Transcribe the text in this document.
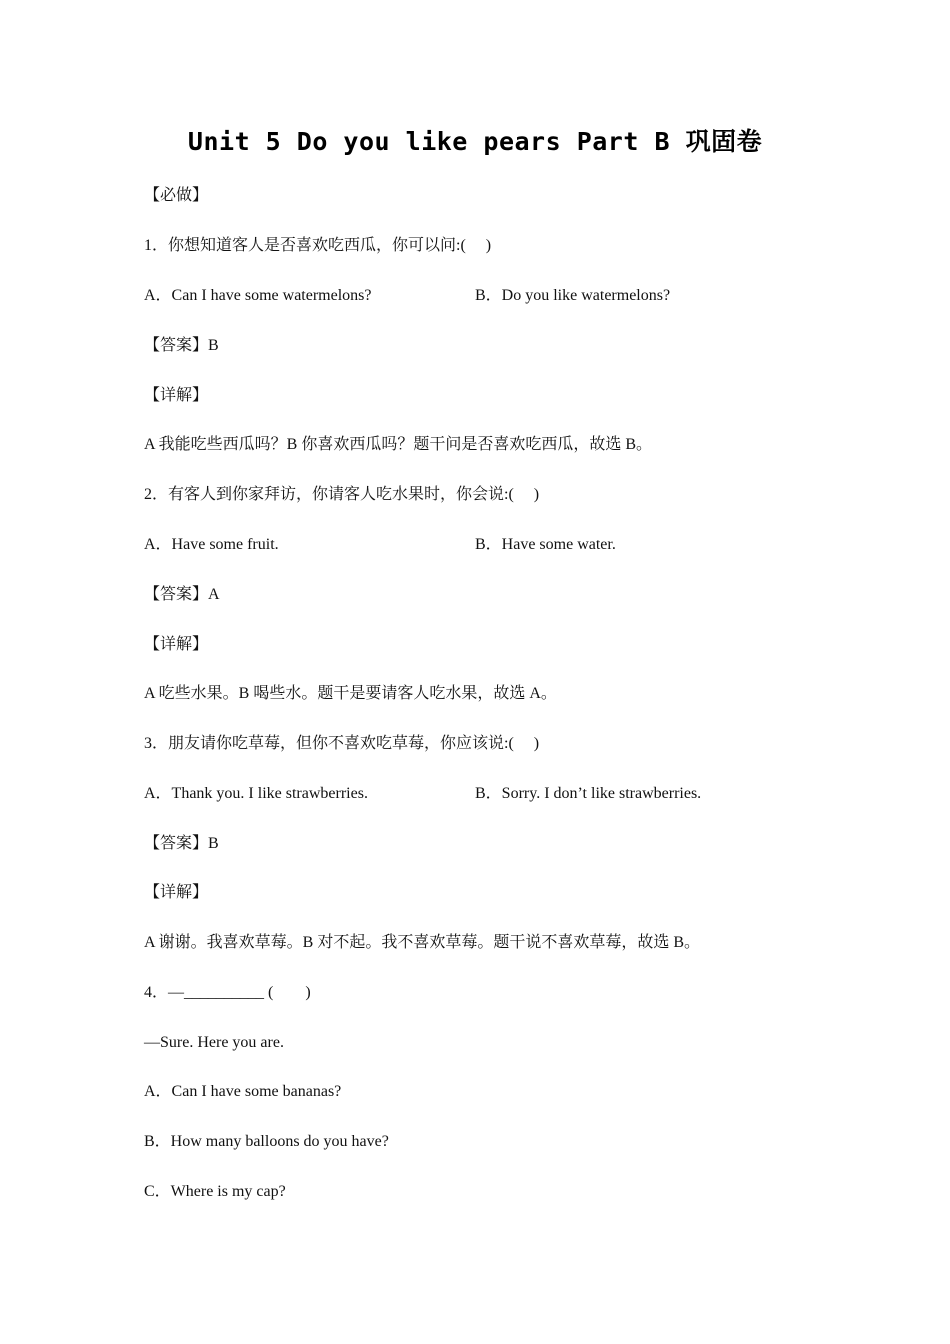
Unit 5 Do you like pears Part B 巩固卷
【必做】
1．你想知道客人是否喜欢吃西瓜，你可以问:(　 )
A．Can I have some watermelons?	B．Do you like watermelons?
【答案】B
【详解】
A 我能吃些西瓜吗？B 你喜欢西瓜吗？题干问是否喜欢吃西瓜，故选 B。
2．有客人到你家拜访，你请客人吃水果时，你会说:(　 )
A．Have some fruit.	B．Have some water.
【答案】A
【详解】
A 吃些水果。B 喝些水。题干是要请客人吃水果，故选 A。
3．朋友请你吃草莓，但你不喜欢吃草莓，你应该说:(　 )
A．Thank you. I like strawberries.	B．Sorry. I don’t like strawberries.
【答案】B
【详解】
A 谢谢。我喜欢草莓。B 对不起。我不喜欢草莓。题干说不喜欢草莓，故选 B。
4．—__________ (　　)
—Sure. Here you are.
A．Can I have some bananas?
B．How many balloons do you have?
C．Where is my cap?
